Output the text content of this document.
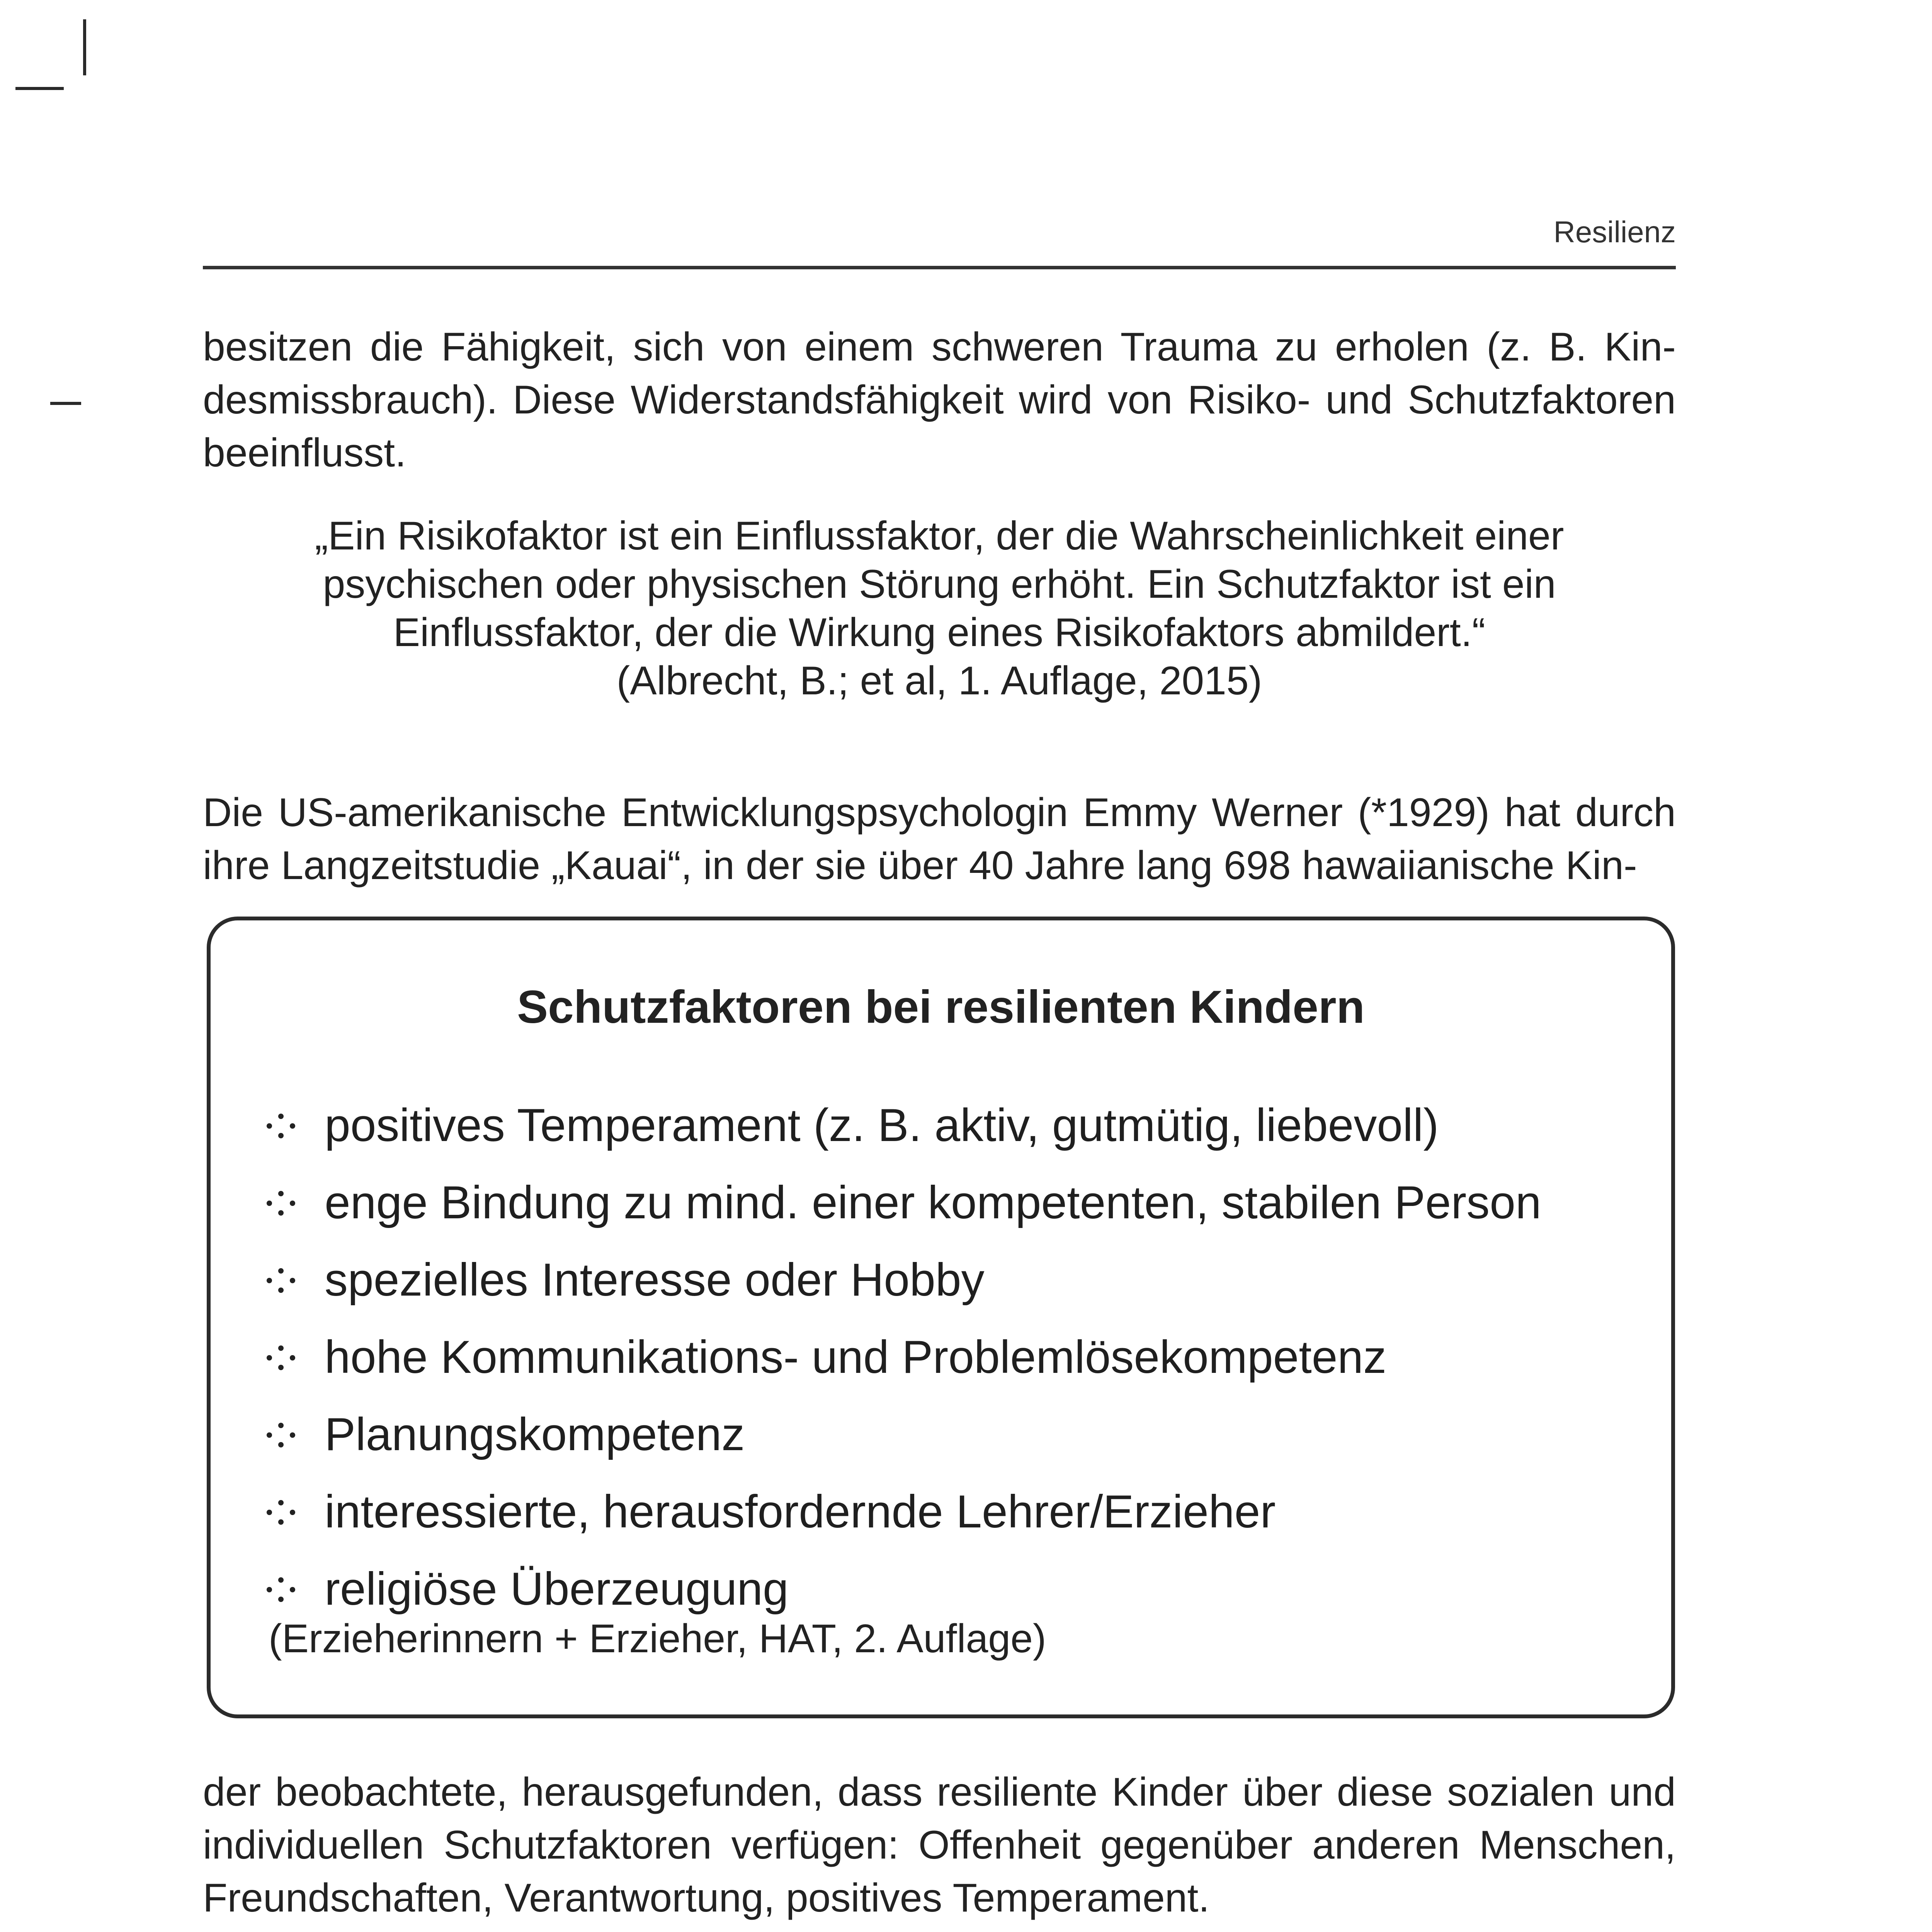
Resilienz

besitzen die Fähigkeit, sich von einem schweren Trauma zu erholen (z. B. Kin- desmissbrauch). Diese Widerstandsfähigkeit wird von Risiko- und Schutzfaktoren beeinflusst.

„Ein Risikofaktor ist ein Einflussfaktor, der die Wahrscheinlichkeit einer
psychischen oder physischen Störung erhöht. Ein Schutzfaktor ist ein
Einflussfaktor, der die Wirkung eines Risikofaktors abmildert.“
(Albrecht, B.; et al, 1. Auflage, 2015)

Die US-amerikanische Entwicklungspsychologin Emmy Werner (*1929) hat durch ihre Langzeitstudie „Kauai“, in der sie über 40 Jahre lang 698 hawaiianische Kin-

Schutzfaktoren bei resilienten Kindern
positives Temperament (z. B. aktiv, gutmütig, liebevoll)
enge Bindung zu mind. einer kompetenten, stabilen Person
spezielles Interesse oder Hobby
hohe Kommunikations- und Problemlösekompetenz
Planungskompetenz
interessierte, herausfordernde Lehrer/Erzieher
religiöse Überzeugung
(Erzieherinnern + Erzieher, HAT, 2. Auflage)

der beobachtete, herausgefunden, dass resiliente Kinder über diese sozialen und individuellen Schutzfaktoren verfügen: Offenheit gegenüber anderen Menschen, Freundschaften, Verantwortung, positives Temperament.
